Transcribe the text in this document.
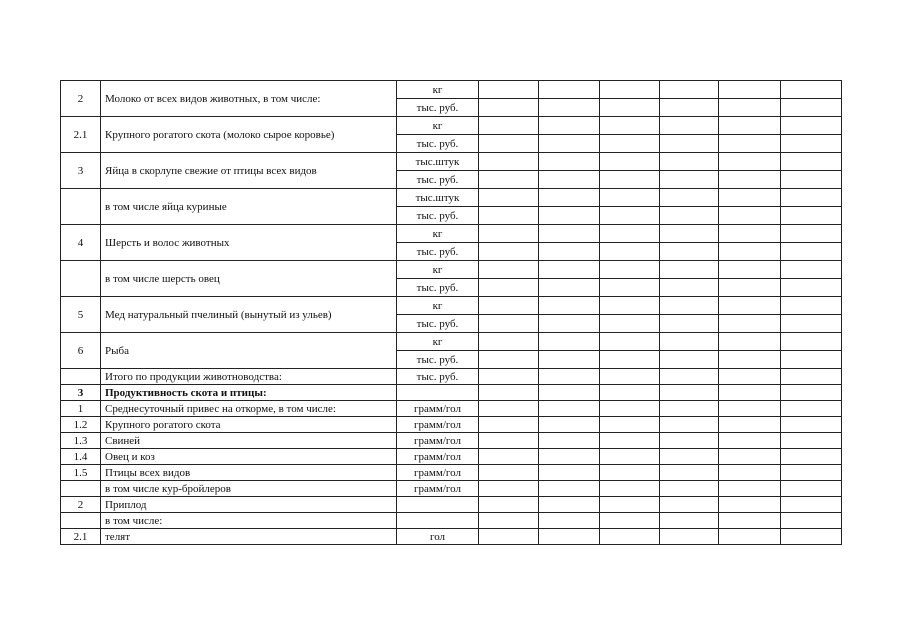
2	Молоко от всех видов животных, в том числе:	кг						
		тыс. руб.						
2.1	Крупного рогатого скота (молоко сырое коровье)	кг						
		тыс. руб.						
3	Яйца в скорлупе свежие от птицы всех видов	тыс.штук						
		тыс. руб.						
	в том числе яйца куриные	тыс.штук						
		тыс. руб.						
4	Шерсть и волос животных	кг						
		тыс. руб.						
	в том числе шерсть овец	кг						
		тыс. руб.						
5	Мед натуральный пчелиный (вынутый из ульев)	кг						
		тыс. руб.						
6	Рыба	кг						
		тыс. руб.						
	Итого по продукции животноводства:	тыс. руб.						
3	Продуктивность скота и птицы:							
1	Среднесуточный привес на откорме, в том числе:	грамм/гол						
1.2	Крупного рогатого скота	грамм/гол						
1.3	Свиней	грамм/гол						
1.4	Овец и коз	грамм/гол						
1.5	Птицы всех видов	грамм/гол						
	в том числе кур-бройлеров	грамм/гол						
2	Приплод							
	в том числе:							
2.1	телят	гол						
